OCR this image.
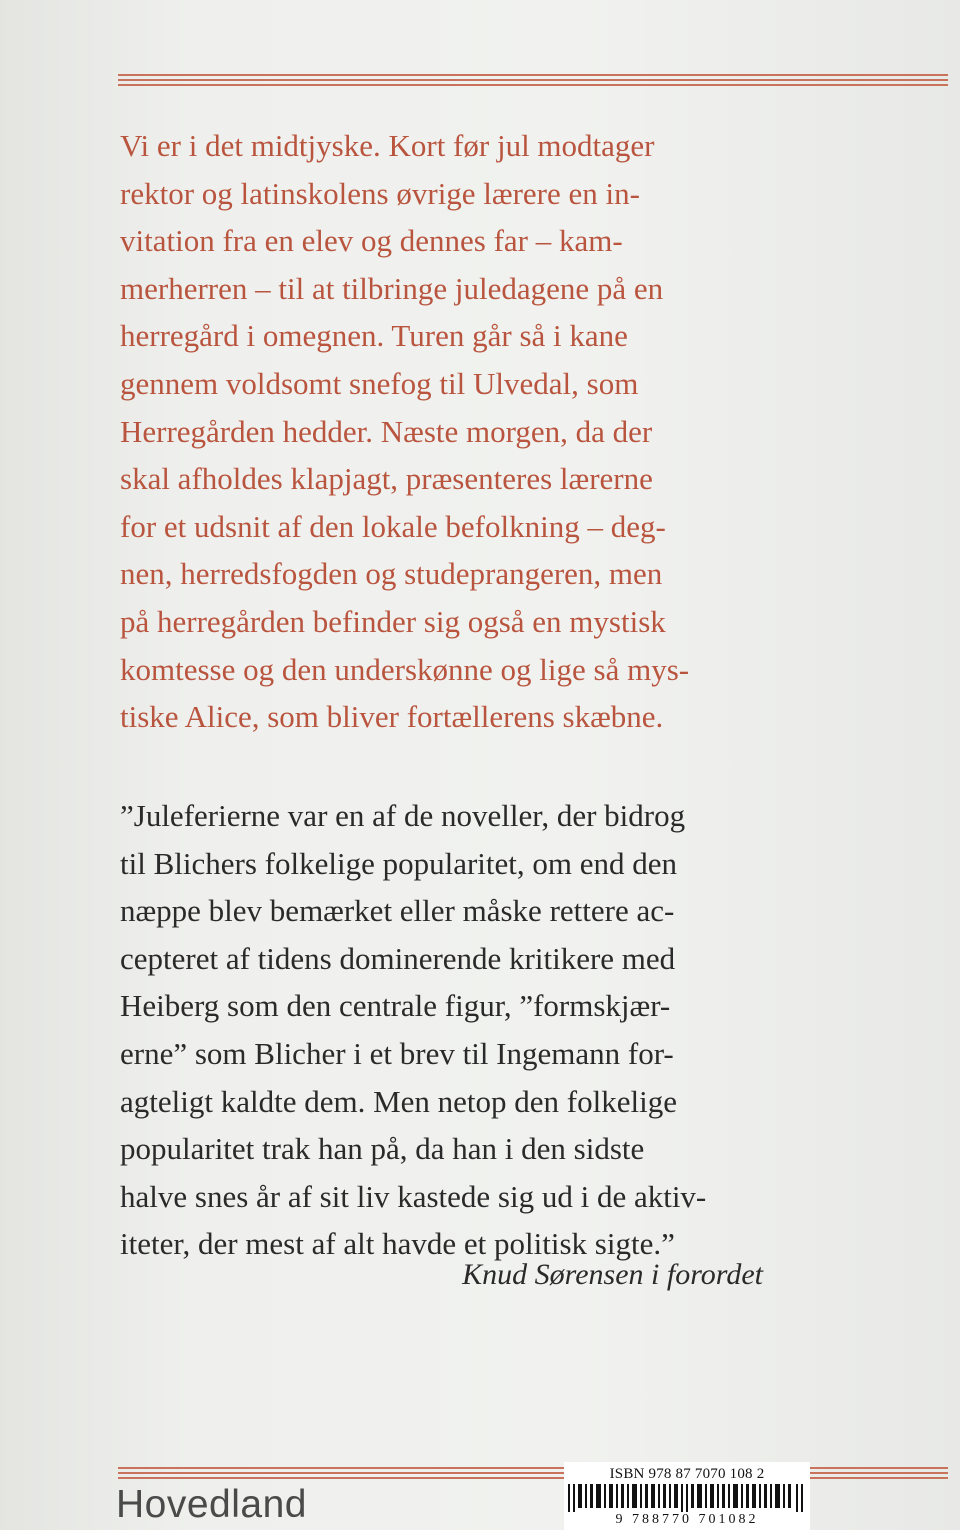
Vi er i det midtjyske. Kort før jul modtager
rektor og latinskolens øvrige lærere en in-
vitation fra en elev og dennes far – kam-
merherren – til at tilbringe juledagene på en
herregård i omegnen. Turen går så i kane
gennem voldsomt snefog til Ulvedal, som
Herregården hedder. Næste morgen, da der
skal afholdes klapjagt, præsenteres lærerne
for et udsnit af den lokale befolkning – deg-
nen, herredsfogden og studeprangeren, men
på herregården befinder sig også en mystisk
komtesse og den underskønne og lige så mys-
tiske Alice, som bliver fortællerens skæbne.
”Juleferierne var en af de noveller, der bidrog
til Blichers folkelige popularitet, om end den
næppe blev bemærket eller måske rettere ac-
cepteret af tidens dominerende kritikere med
Heiberg som den centrale figur, ”formskjær-
erne” som Blicher i et brev til Ingemann for-
agteligt kaldte dem. Men netop den folkelige
popularitet trak han på, da han i den sidste
halve snes år af sit liv kastede sig ud i de aktiv-
iteter, der mest af alt havde et politisk sigte.”
Knud Sørensen i forordet
Hovedland
ISBN 978 87 7070 108 2
9 788770 701082
